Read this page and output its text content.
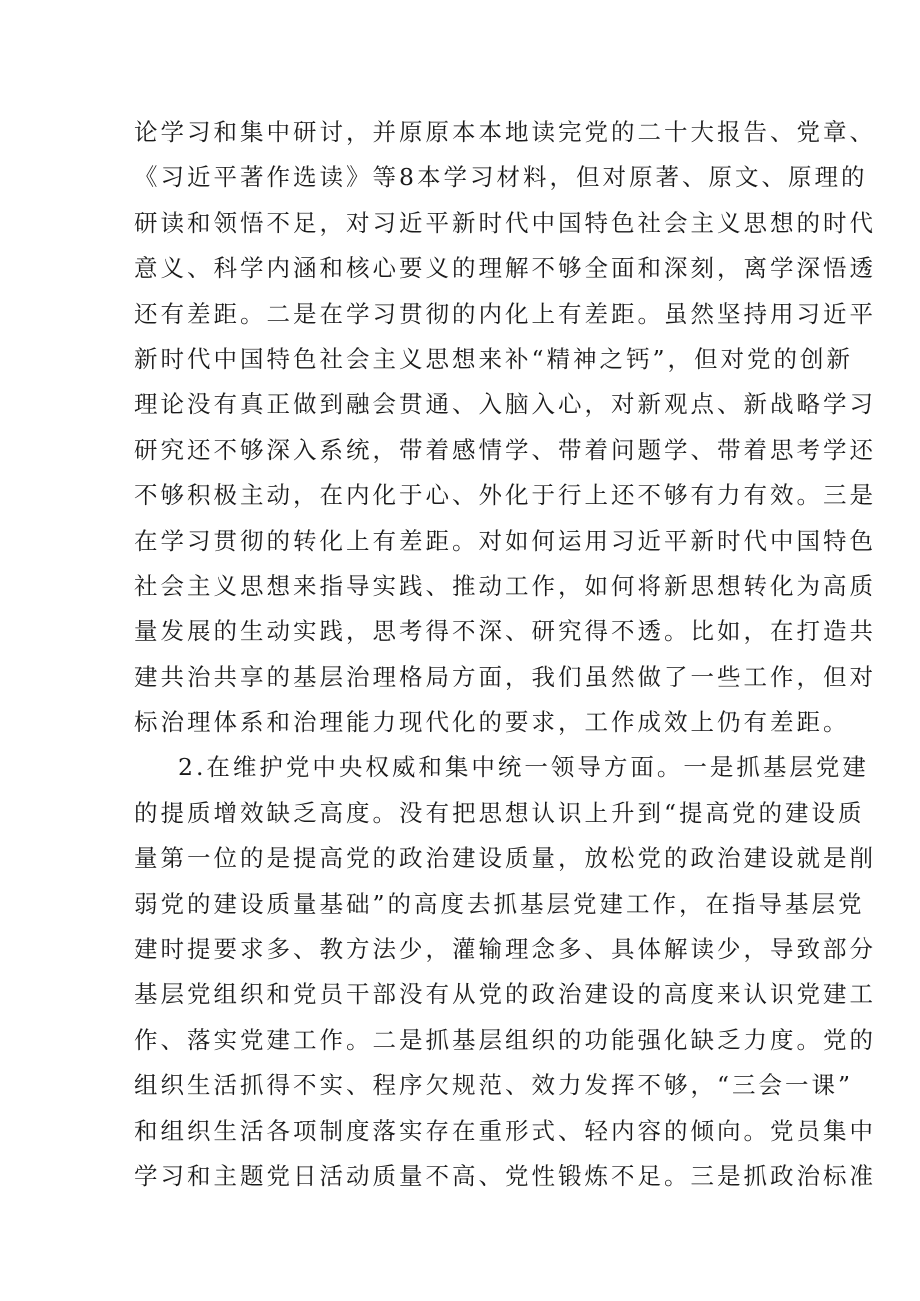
论学习和集中研讨，并原原本本地读完党的二十大报告、党章、
《习近平著作选读》等8本学习材料，但对原著、原文、原理的
研读和领悟不足，对习近平新时代中国特色社会主义思想的时代
意义、科学内涵和核心要义的理解不够全面和深刻，离学深悟透
还有差距。二是在学习贯彻的内化上有差距。虽然坚持用习近平
新时代中国特色社会主义思想来补“精神之钙”，但对党的创新
理论没有真正做到融会贯通、入脑入心，对新观点、新战略学习
研究还不够深入系统，带着感情学、带着问题学、带着思考学还
不够积极主动，在内化于心、外化于行上还不够有力有效。三是
在学习贯彻的转化上有差距。对如何运用习近平新时代中国特色
社会主义思想来指导实践、推动工作，如何将新思想转化为高质
量发展的生动实践，思考得不深、研究得不透。比如，在打造共
建共治共享的基层治理格局方面，我们虽然做了一些工作，但对
标治理体系和治理能力现代化的要求，工作成效上仍有差距。
2.在维护党中央权威和集中统一领导方面。一是抓基层党建
的提质增效缺乏高度。没有把思想认识上升到“提高党的建设质
量第一位的是提高党的政治建设质量，放松党的政治建设就是削
弱党的建设质量基础”的高度去抓基层党建工作，在指导基层党
建时提要求多、教方法少，灌输理念多、具体解读少，导致部分
基层党组织和党员干部没有从党的政治建设的高度来认识党建工
作、落实党建工作。二是抓基层组织的功能强化缺乏力度。党的
组织生活抓得不实、程序欠规范、效力发挥不够，“三会一课”
和组织生活各项制度落实存在重形式、轻内容的倾向。党员集中
学习和主题党日活动质量不高、党性锻炼不足。三是抓政治标准
